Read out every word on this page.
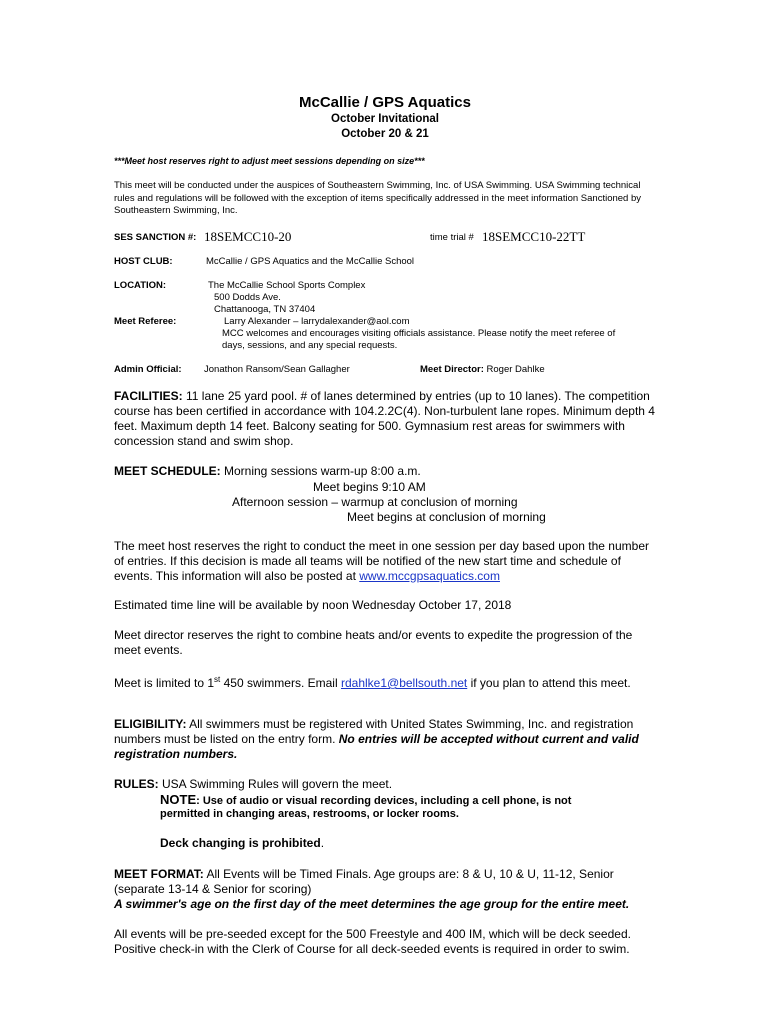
McCallie / GPS Aquatics
October Invitational
October 20 & 21
***Meet host reserves right to adjust meet sessions depending on size***
This meet will be conducted under the auspices of Southeastern Swimming, Inc. of USA Swimming. USA Swimming technical rules and regulations will be followed with the exception of items specifically addressed in the meet information Sanctioned by Southeastern Swimming, Inc.
SES SANCTION #: 18SEMCC10-20	time trial # 18SEMCC10-22TT
HOST CLUB:	McCallie / GPS Aquatics and the McCallie School
LOCATION:	The McCallie School Sports Complex
500 Dodds Ave.
Chattanooga, TN 37404
Meet Referee:	Larry Alexander – larrydalexander@aol.com
MCC welcomes and encourages visiting officials assistance. Please notify the meet referee of
days, sessions, and any special requests.
Admin Official: Jonathon Ransom/Sean Gallagher	Meet Director: Roger Dahlke
FACILITIES: 11 lane 25 yard pool. # of lanes determined by entries (up to 10 lanes). The competition course has been certified in accordance with 104.2.2C(4). Non-turbulent lane ropes. Minimum depth 4 feet. Maximum depth 14 feet. Balcony seating for 500. Gymnasium rest areas for swimmers with concession stand and swim shop.
MEET SCHEDULE: Morning sessions warm-up 8:00 a.m.
Meet begins 9:10 AM
Afternoon session – warmup at conclusion of morning
Meet begins at conclusion of morning
The meet host reserves the right to conduct the meet in one session per day based upon the number of entries. If this decision is made all teams will be notified of the new start time and schedule of events. This information will also be posted at www.mccgpsaquatics.com
Estimated time line will be available by noon Wednesday October 17, 2018
Meet director reserves the right to combine heats and/or events to expedite the progression of the meet events.
Meet is limited to 1st 450 swimmers. Email rdahlke1@bellsouth.net if you plan to attend this meet.
ELIGIBILITY: All swimmers must be registered with United States Swimming, Inc. and registration numbers must be listed on the entry form. No entries will be accepted without current and valid registration numbers.
RULES: USA Swimming Rules will govern the meet.
NOTE: Use of audio or visual recording devices, including a cell phone, is not
permitted in changing areas, restrooms, or locker rooms.
Deck changing is prohibited.
MEET FORMAT: All Events will be Timed Finals. Age groups are: 8 & U, 10 & U, 11-12, Senior (separate 13-14 & Senior for scoring)
A swimmer's age on the first day of the meet determines the age group for the entire meet.
All events will be pre-seeded except for the 500 Freestyle and 400 IM, which will be deck seeded. Positive check-in with the Clerk of Course for all deck-seeded events is required in order to swim.
